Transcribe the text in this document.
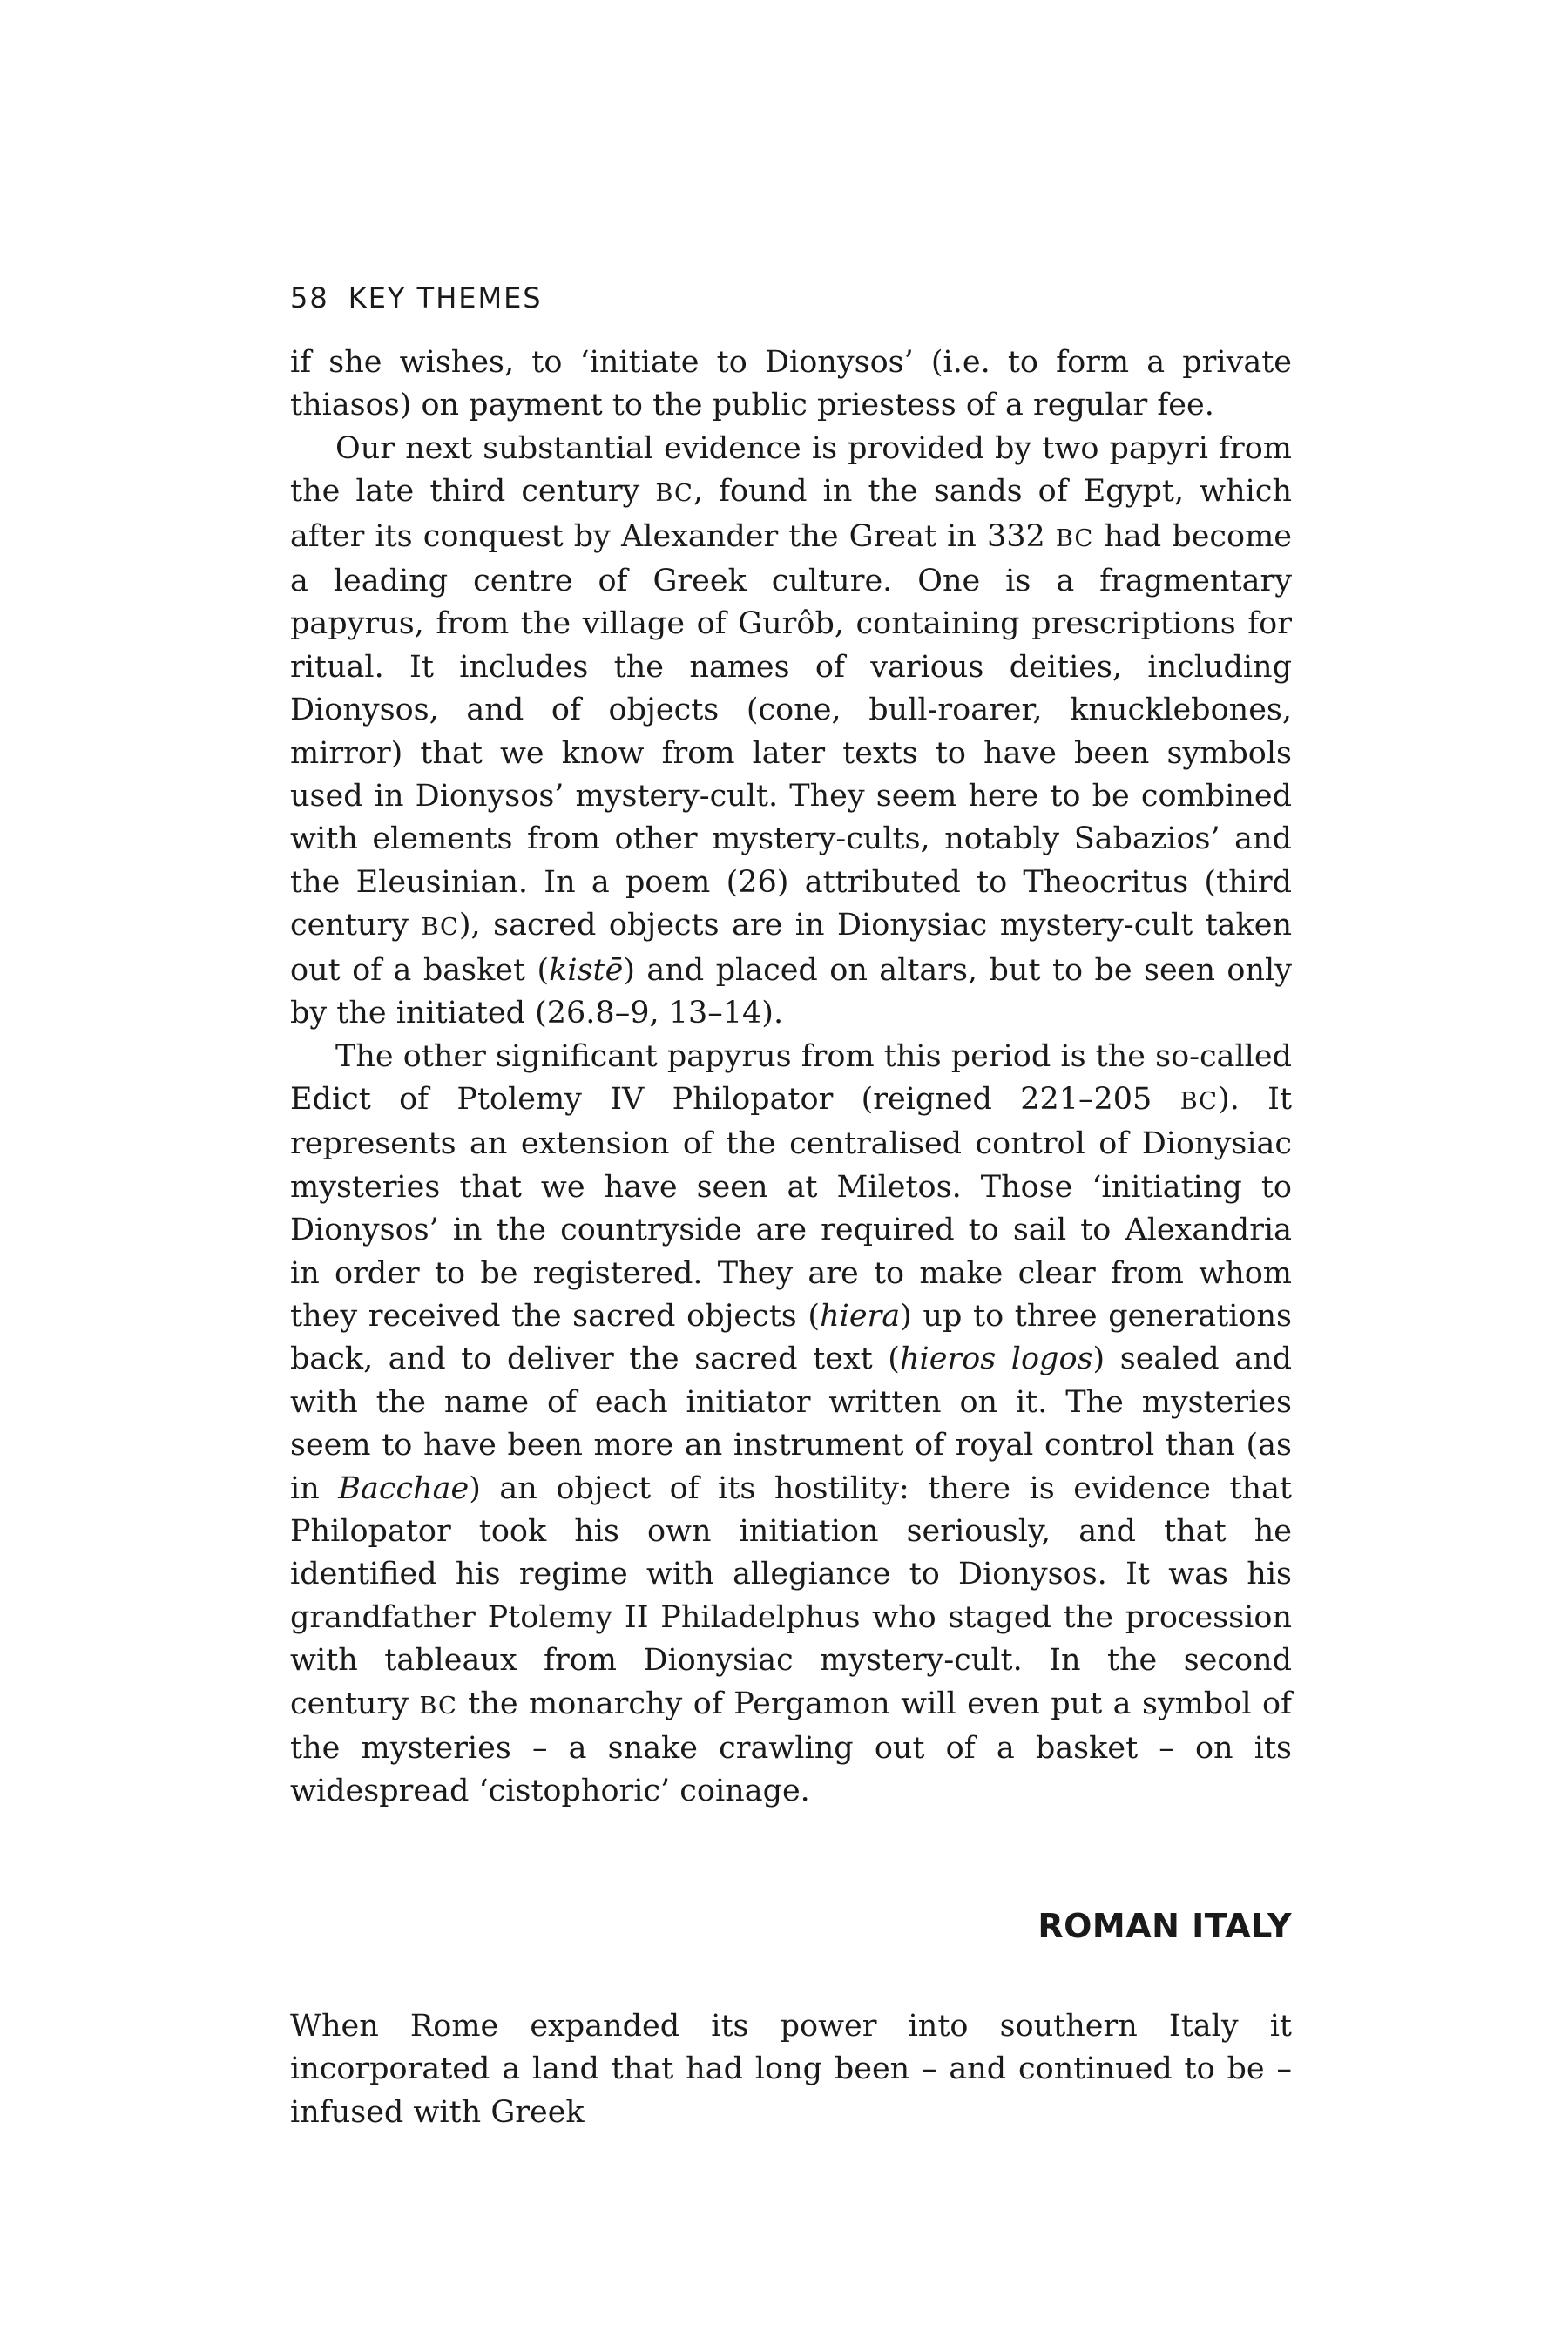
58 KEY THEMES

if she wishes, to ‘initiate to Dionysos’ (i.e. to form a private thiasos) on payment to the public priestess of a regular fee.

Our next substantial evidence is provided by two papyri from the late third century BC, found in the sands of Egypt, which after its conquest by Alexander the Great in 332 BC had become a leading centre of Greek culture. One is a fragmentary papyrus, from the village of Gurôb, containing prescriptions for ritual. It includes the names of various deities, including Dionysos, and of objects (cone, bull-roarer, knucklebones, mirror) that we know from later texts to have been symbols used in Dionysos’ mystery-cult. They seem here to be combined with elements from other mystery-cults, notably Sabazios’ and the Eleusinian. In a poem (26) attributed to Theocritus (third century BC), sacred objects are in Dionysiac mystery-cult taken out of a basket (kistē) and placed on altars, but to be seen only by the initiated (26.8–9, 13–14).

The other significant papyrus from this period is the so-called Edict of Ptolemy IV Philopator (reigned 221–205 BC). It represents an extension of the centralised control of Dionysiac mysteries that we have seen at Miletos. Those ‘initiating to Dionysos’ in the countryside are required to sail to Alexandria in order to be registered. They are to make clear from whom they received the sacred objects (hiera) up to three generations back, and to deliver the sacred text (hieros logos) sealed and with the name of each initiator written on it. The mysteries seem to have been more an instrument of royal control than (as in Bacchae) an object of its hostility: there is evidence that Philopator took his own initiation seriously, and that he identified his regime with allegiance to Dionysos. It was his grandfather Ptolemy II Philadelphus who staged the procession with tableaux from Dionysiac mystery-cult. In the second century BC the monarchy of Pergamon will even put a symbol of the mysteries – a snake crawling out of a basket – on its widespread ‘cistophoric’ coinage.

ROMAN ITALY

When Rome expanded its power into southern Italy it incorporated a land that had long been – and continued to be – infused with Greek
